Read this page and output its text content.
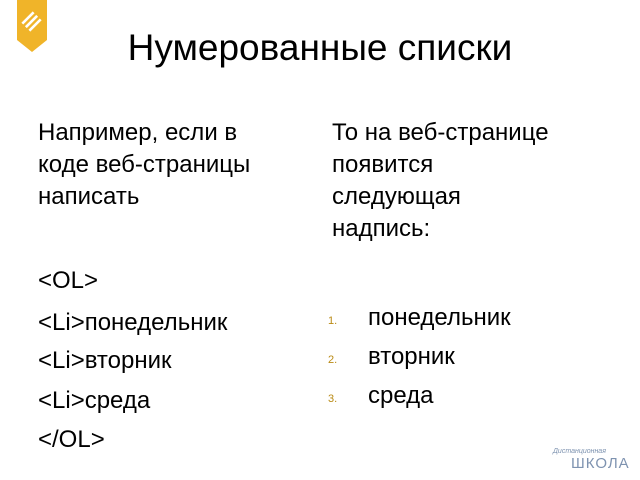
Нумерованные списки
Например, если в
коде веб-страницы
написать
<OL>
<Li>понедельник
<Li>вторник
<Li>среда
</OL>
То на веб-странице
появится
следующая
надпись:
1. понедельник
2. вторник
3. среда
Дистанционная
ШКОЛА
